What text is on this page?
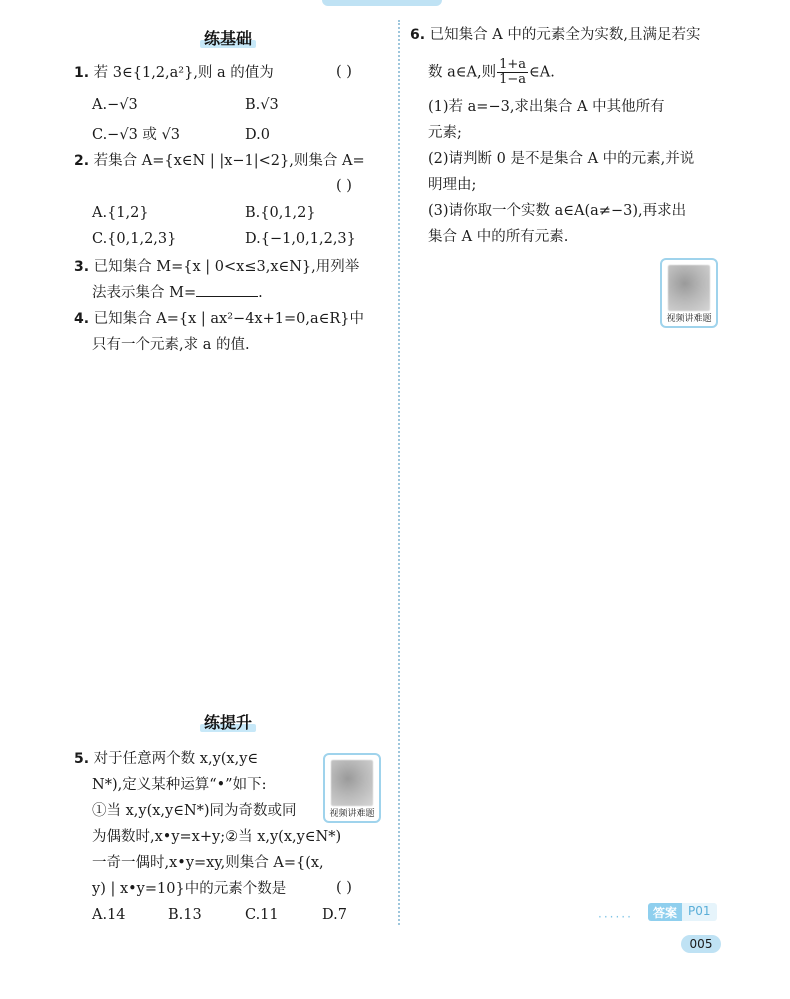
练基础
1. 若 3∈{1,2,a²},则 a 的值为	( )
A.−√3	B.√3
C.−√3 或 √3	D.0
2. 若集合 A={x∈N | |x−1|<2},则集合 A=
( )
A.{1,2}	B.{0,1,2}
C.{0,1,2,3}	D.{−1,0,1,2,3}
3. 已知集合 M={x | 0<x≤3,x∈N},用列举
法表示集合 M=	.
4. 已知集合 A={x | ax²−4x+1=0,a∈R}中
只有一个元素,求 a 的值.
练提升
5. 对于任意两个数 x,y(x,y∈
N*),定义某种运算“•”如下:
①当 x,y(x,y∈N*)同为奇数或同
为偶数时,x•y=x+y;②当 x,y(x,y∈N*)
一奇一偶时,x•y=xy,则集合 A={(x,
y) | x•y=10}中的元素个数是	( )
A.14	B.13	C.11	D.7
视频讲难题
6. 已知集合 A 中的元素全为实数,且满足若实
数 a∈A,则 $\frac{1+a}{1-a}$ ∈A.
(1)若 a=−3,求出集合 A 中其他所有
元素;
(2)请判断 0 是不是集合 A 中的元素,并说
明理由;
(3)请你取一个实数 a∈A(a≠−3),再求出
集合 A 中的所有元素.
视频讲难题
······	答案 P01
005
